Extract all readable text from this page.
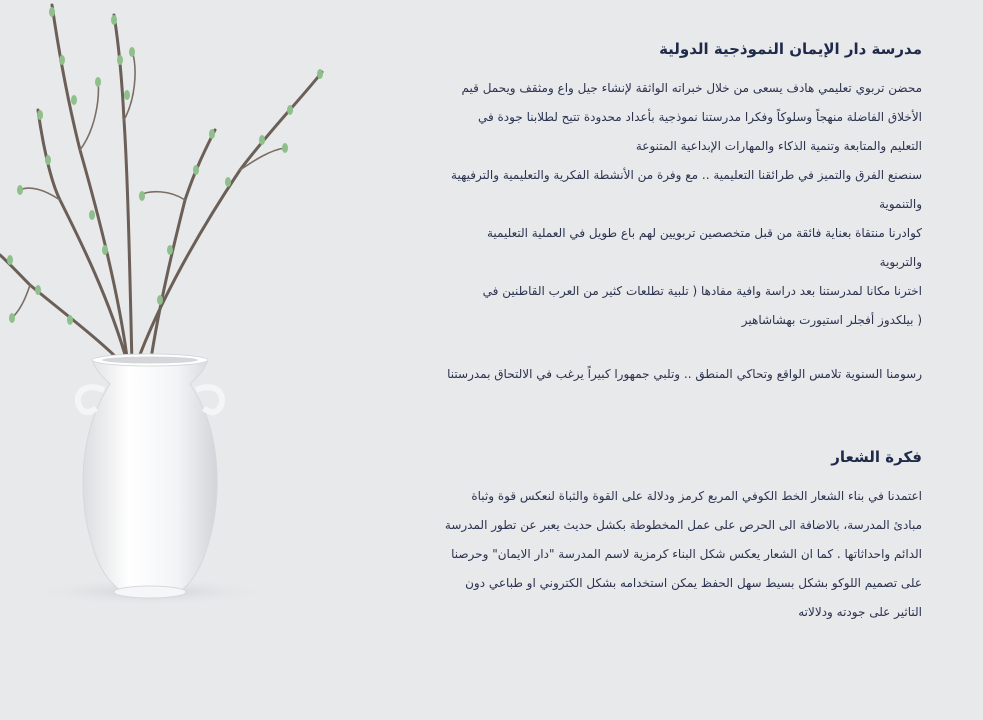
مدرسة دار الإيمان النموذجية الدولية

محضن تربوي تعليمي هادف يسعى من خلال خبراته الواثقة لإنشاء جيل واع ومثقف ويحمل قيم

الأخلاق الفاضلة منهجاً وسلوكاً وفكرا مدرستنا نموذجية بأعداد محدودة تتيح لطلابنا جودة في

التعليم والمتابعة وتنمية الذكاء والمهارات الإبداعية المتنوعة

سنصنع الفرق والتميز في طرائقنا التعليمية .. مع وفرة من الأنشطة الفكرية والتعليمية والترفيهية

والتنموية

كوادرنا منتقاة بعناية فائقة من قبل متخصصين تربويين لهم باع طويل في العملية التعليمية

والتربوية

اخترنا مكانا لمدرستنا بعد دراسة وافية مفادها ( تلبية تطلعات كثير من العرب القاطنين في

( بيلكدوز أفجلر استيورت بهشاشاهير

رسومنا السنوية تلامس الواقع وتحاكي المنطق .. وتلبي جمهورا كبيراً يرغب في الالتحاق بمدرستنا

فكرة الشعار

اعتمدنا في بناء الشعار الخط الكوفي المربع كرمز ودلالة على القوة والثباة لنعكس قوة وثباة

مبادئ المدرسة، بالاضافة الى الحرص على عمل المخطوطة بكشل حديث يعبر عن تطور المدرسة

الدائم واحداثاتها . كما ان الشعار يعكس شكل البناء كرمزية لاسم المدرسة "دار الايمان" وحرصنا

على تصميم اللوكو بشكل بسيط سهل الحفظ يمكن استخدامه بشكل الكتروني او طباعي دون

التاثير على جودته ودلالاته
